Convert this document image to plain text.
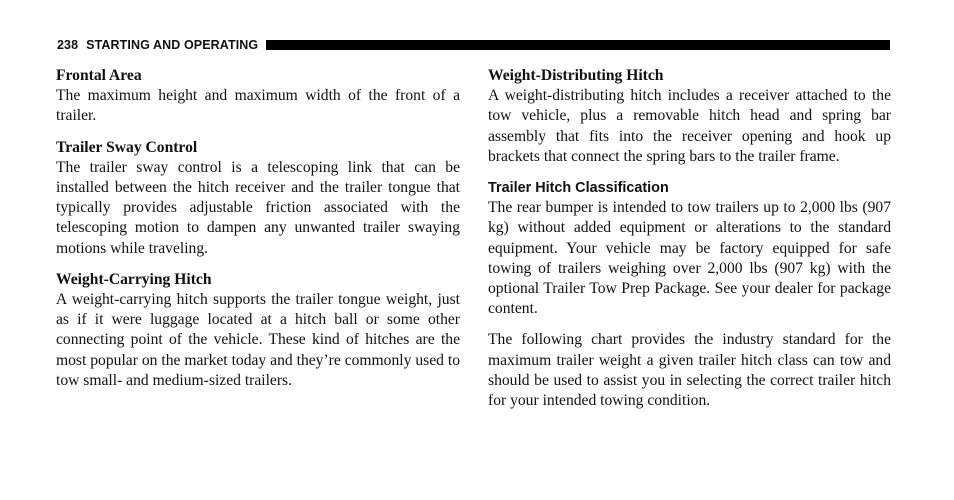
238 STARTING AND OPERATING
Frontal Area

The maximum height and maximum width of the front of a trailer.

Trailer Sway Control

The trailer sway control is a telescoping link that can be installed between the hitch receiver and the trailer tongue that typically provides adjustable friction associated with the telescoping motion to dampen any unwanted trailer swaying motions while traveling.

Weight-Carrying Hitch

A weight-carrying hitch supports the trailer tongue weight, just as if it were luggage located at a hitch ball or some other connecting point of the vehicle. These kind of hitches are the most popular on the market today and they’re commonly used to tow small- and medium-sized trailers.

Weight-Distributing Hitch

A weight-distributing hitch includes a receiver attached to the tow vehicle, plus a removable hitch head and spring bar assembly that fits into the receiver opening and hook up brackets that connect the spring bars to the trailer frame.

Trailer Hitch Classification

The rear bumper is intended to tow trailers up to 2,000 lbs (907 kg) without added equipment or alterations to the standard equipment. Your vehicle may be factory equipped for safe towing of trailers weighing over 2,000 lbs (907 kg) with the optional Trailer Tow Prep Package. See your dealer for package content.

The following chart provides the industry standard for the maximum trailer weight a given trailer hitch class can tow and should be used to assist you in selecting the correct trailer hitch for your intended towing condition.
